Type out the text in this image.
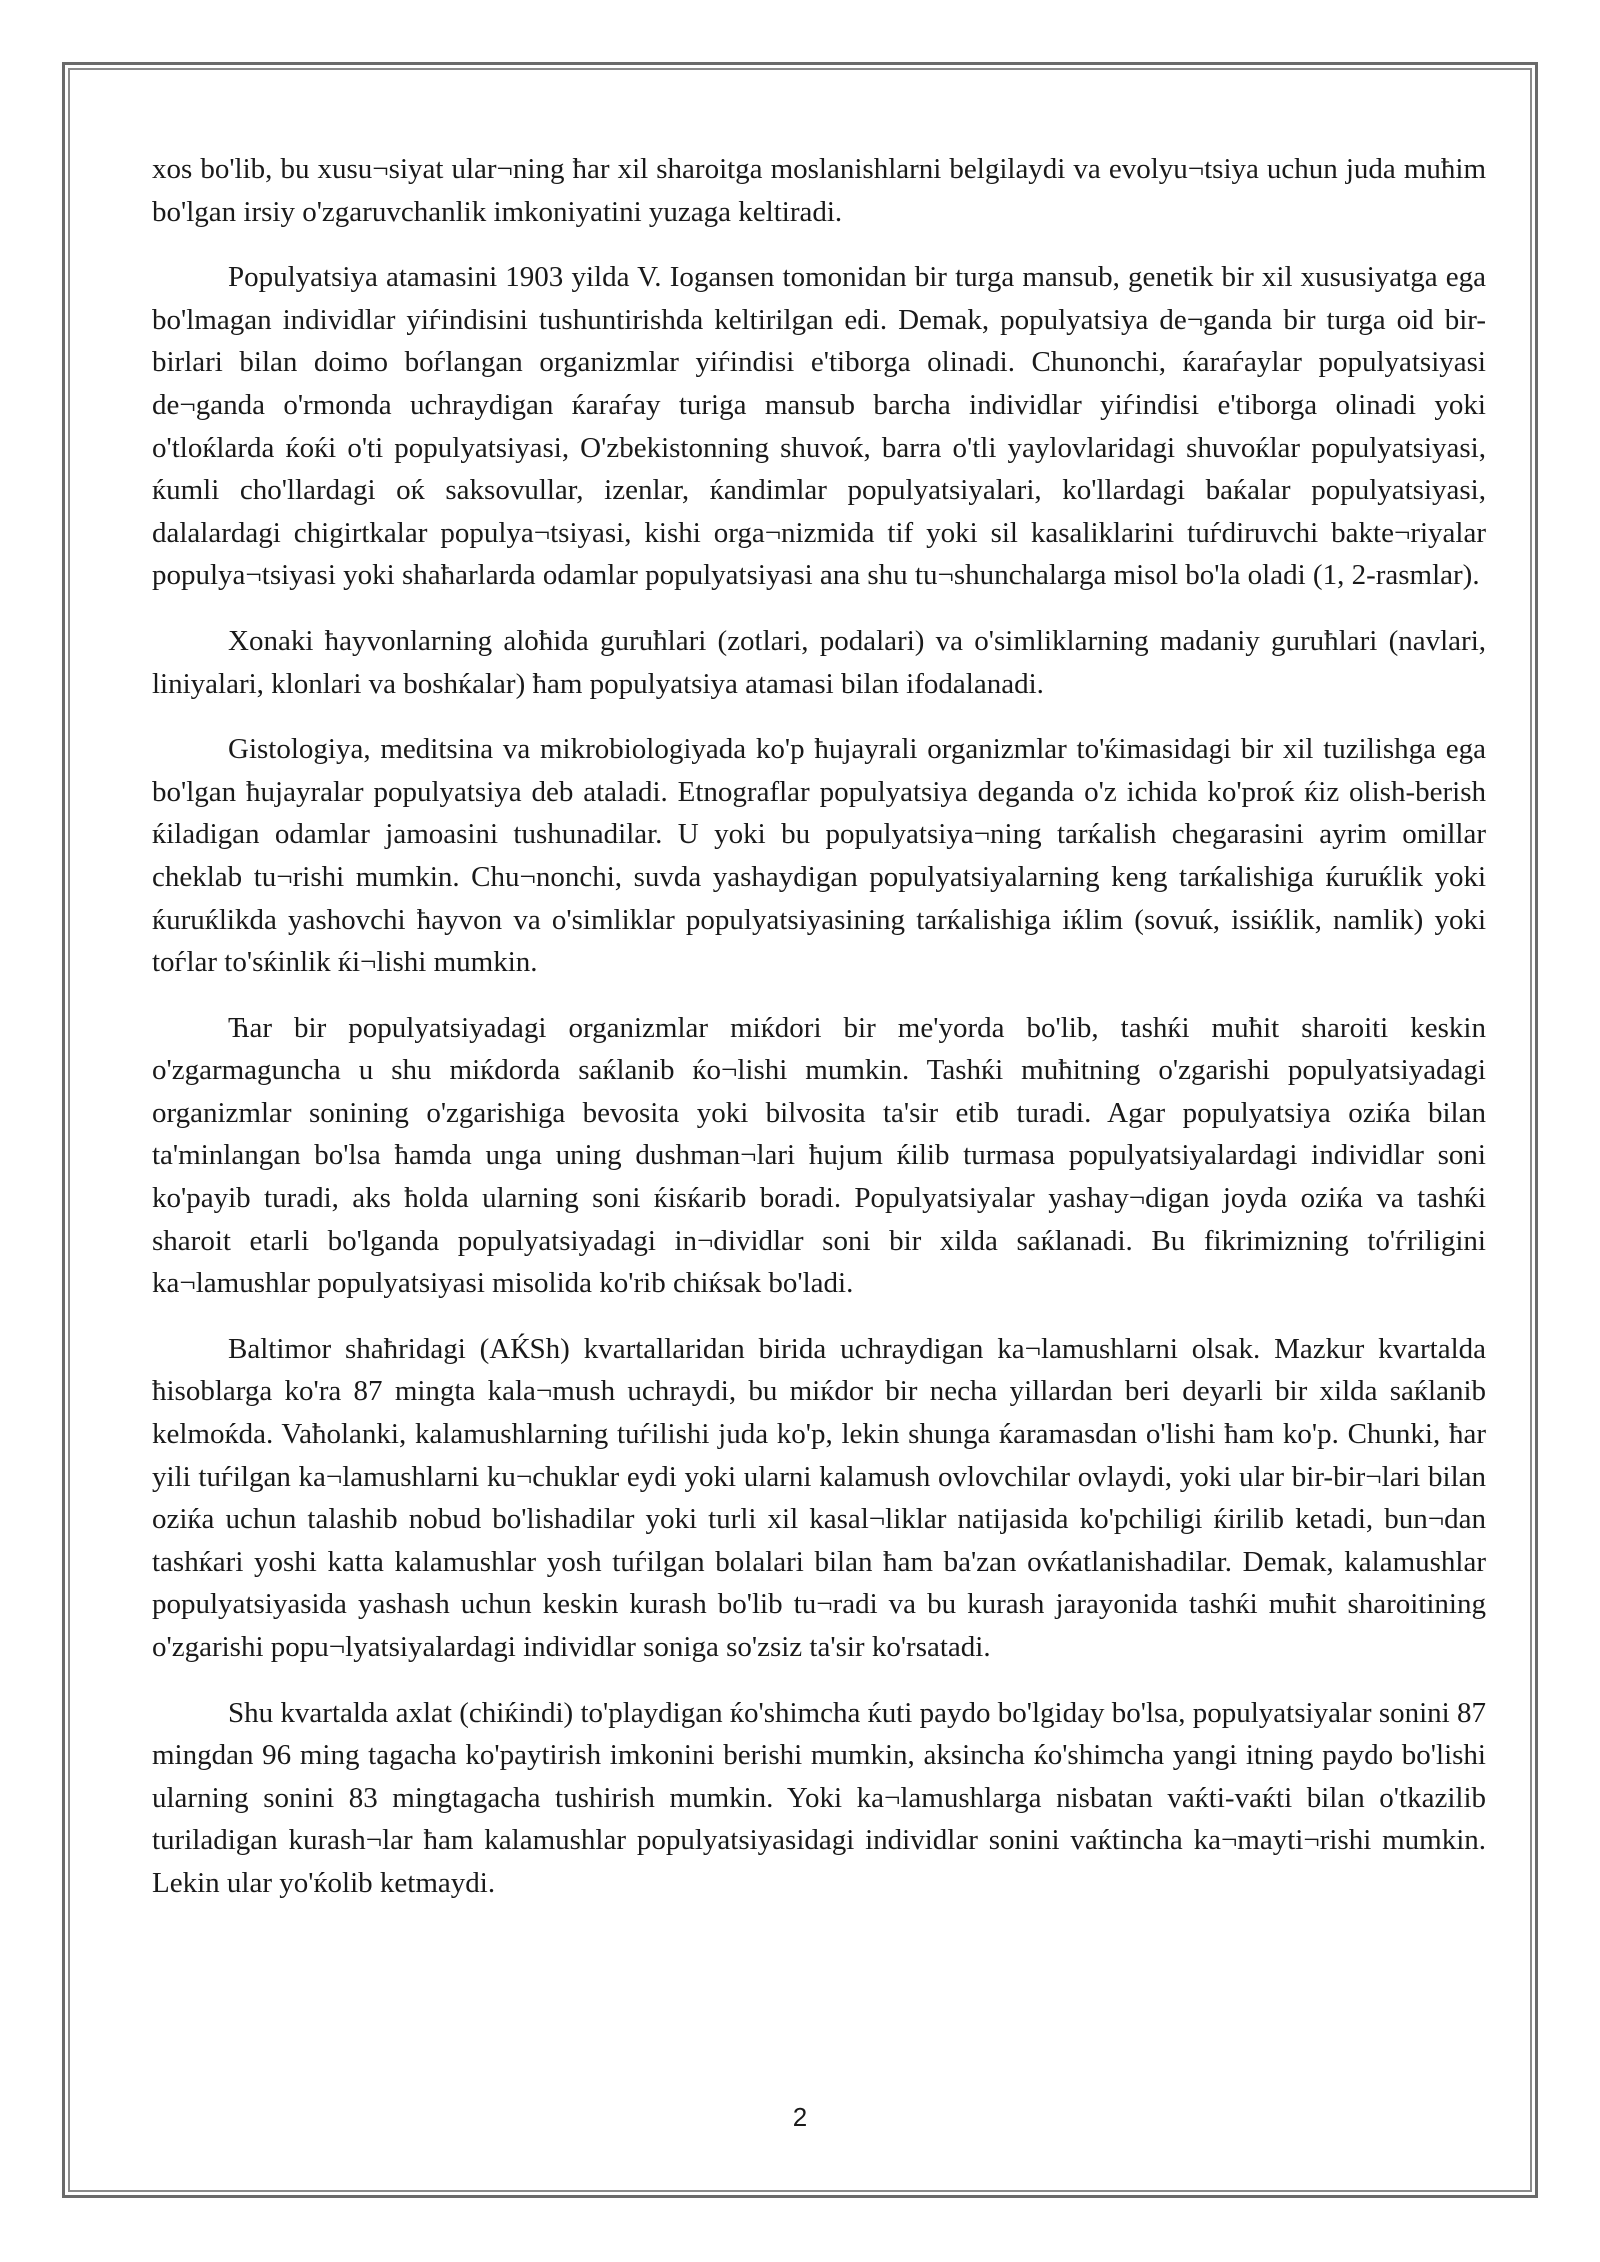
xos bo'lib, bu xusu¬siyat ular¬ning ћar xil sharoitga moslanishlarni belgilaydi va evolyu¬tsiya uchun juda muћim bo'lgan irsiy o'zgaruvchanlik imkoniyatini yuzaga keltiradi.

Populyatsiya atamasini 1903 yilda V. Iogansen tomonidan bir turga mansub, genetik bir xil xususiyatga ega bo'lmagan individlar yiѓindisini tushuntirishda keltirilgan edi. Demak, populyatsiya de¬ganda bir turga oid bir-birlari bilan doimo boѓlangan organizmlar yiѓindisi e'tiborga olinadi. Chunonchi, ќaraѓaylar populyatsiyasi de¬ganda o'rmonda uchraydigan ќaraѓay turiga mansub barcha individlar yiѓindisi e'tiborga olinadi yoki o'tloќlarda ќoќi o'ti populyatsiyasi, O'zbekistonning shuvoќ, barra o'tli yaylovlaridagi shuvoќlar populyatsiyasi, ќumli cho'llardagi oќ saksovullar, izenlar, ќandimlar populyatsiyalari, ko'llardagi baќalar populyatsiyasi, dalalardagi chigirtkalar populya¬tsiyasi, kishi orga¬nizmida tif yoki sil kasaliklarini tuѓdiruvchi bakte¬riyalar populya¬tsiyasi yoki shaћarlarda odamlar populyatsiyasi ana shu tu¬shunchalarga misol bo'la oladi (1, 2-rasmlar).

Xonaki ћayvonlarning aloћida guruћlari (zotlari, podalari) va o'simliklarning madaniy guruћlari (navlari, liniyalari, klonlari va boshќalar) ћam populyatsiya atamasi bilan ifodalanadi.

Gistologiya, meditsina va mikrobiologiyada ko'p ћujayrali organizmlar to'ќimasidagi bir xil tuzilishga ega bo'lgan ћujayralar populyatsiya deb ataladi. Etnograflar populyatsiya deganda o'z ichida ko'proќ ќiz olish-berish ќiladigan odamlar jamoasini tushunadilar. U yoki bu populyatsiya¬ning tarќalish chegarasini ayrim omillar cheklab tu¬rishi mumkin. Chu¬nonchi, suvda yashaydigan populyatsiyalarning keng tarќalishiga ќuruќlik yoki ќuruќlikda yashovchi ћayvon va o'simliklar populyatsiyasining tarќalishiga iќlim (sovuќ, issiќlik, namlik) yoki toѓlar to'sќinlik ќi¬lishi mumkin.

Ћar bir populyatsiyadagi organizmlar miќdori bir me'yorda bo'lib, tashќi muћit sharoiti keskin o'zgarmaguncha u shu miќdorda saќlanib ќo¬lishi mumkin. Tashќi muћitning o'zgarishi populyatsiyadagi organizmlar sonining o'zgarishiga bevosita yoki bilvosita ta'sir etib turadi. Agar populyatsiya oziќa bilan ta'minlangan bo'lsa ћamda unga uning dushman¬lari ћujum ќilib turmasa populyatsiyalardagi individlar soni ko'payib turadi, aks ћolda ularning soni ќisќarib boradi. Populyatsiyalar yashay¬digan joyda oziќa va tashќi sharoit etarli bo'lganda populyatsiyadagi in¬dividlar soni bir xilda saќlanadi. Bu fikrimizning to'ѓriligini ka¬lamushlar populyatsiyasi misolida ko'rib chiќsak bo'ladi.

Baltimor shaћridagi (AЌSh) kvartallaridan birida uchraydigan ka¬lamushlarni olsak. Mazkur kvartalda ћisoblarga ko'ra 87 mingta kala¬mush uchraydi, bu miќdor bir necha yillardan beri deyarli bir xilda saќlanib kelmoќda. Vaћolanki, kalamushlarning tuѓilishi juda ko'p, lekin shunga ќaramasdan o'lishi ћam ko'p. Chunki, ћar yili tuѓilgan ka¬lamushlarni ku¬chuklar eydi yoki ularni kalamush ovlovchilar ovlaydi, yoki ular bir-bir¬lari bilan oziќa uchun talashib nobud bo'lishadilar yoki turli xil kasal¬liklar natijasida ko'pchiligi ќirilib ketadi, bun¬dan tashќari yoshi katta kalamushlar yosh tuѓilgan bolalari bilan ћam ba'zan ovќatlanishadilar. Demak, kalamushlar populyatsiyasida yashash uchun keskin kurash bo'lib tu¬radi va bu kurash jarayonida tashќi muћit sharoitining o'zgarishi popu¬lyatsiyalardagi individlar soniga so'zsiz ta'sir ko'rsatadi.

Shu kvartalda axlat (chiќindi) to'playdigan ќo'shimcha ќuti paydo bo'lgiday bo'lsa, populyatsiyalar sonini 87 mingdan 96 ming tagacha ko'paytirish imkonini berishi mumkin, aksincha ќo'shimcha yangi itning paydo bo'lishi ularning sonini 83 mingtagacha tushirish mumkin. Yoki ka¬lamushlarga nisbatan vaќti-vaќti bilan o'tkazilib turiladigan kurash¬lar ћam kalamushlar populyatsiyasidagi individlar sonini vaќtincha ka¬mayti¬rishi mumkin. Lekin ular yo'ќolib ketmaydi.

2
